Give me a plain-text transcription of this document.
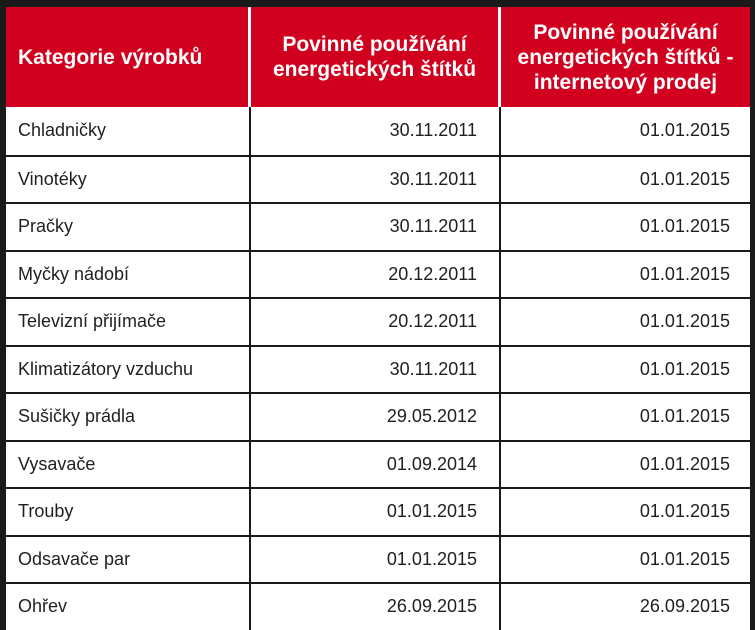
Kategorie výrobků	Povinné používání energetických štítků	Povinné používání energetických štítků - internetový prodej
Chladničky	30.11.2011	01.01.2015
Vinotéky	30.11.2011	01.01.2015
Pračky	30.11.2011	01.01.2015
Myčky nádobí	20.12.2011	01.01.2015
Televizní přijímače	20.12.2011	01.01.2015
Klimatizátory vzduchu	30.11.2011	01.01.2015
Sušičky prádla	29.05.2012	01.01.2015
Vysavače	01.09.2014	01.01.2015
Trouby	01.01.2015	01.01.2015
Odsavače par	01.01.2015	01.01.2015
Ohřev	26.09.2015	26.09.2015
